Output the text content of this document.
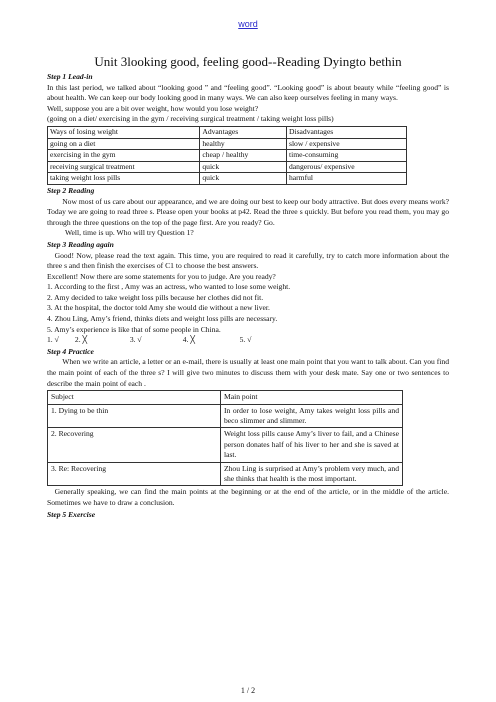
word
Unit 3looking good, feeling good--Reading Dyingto bethin

Step 1 Lead-in

In this last period, we talked about “looking good ” and “feeling good”. “Looking good” is about beauty while “feeling good” is about health. We can keep our body looking good in many ways. We can also keep ourselves feeling in many ways.

Well, suppose you are a bit over weight, how would you lose weight?

(going on a diet/ exercising in the gym / receiving surgical treatment / taking weight loss pills)

Ways of losing weight	Advantages	Disadvantages
going on a diet	healthy	slow / expensive
exercising in the gym	cheap / healthy	time-consuming
receiving surgical treatment	quick	dangerous/ expensive
taking weight loss pills	quick	harmful

Step 2 Reading

Now most of us care about our appearance, and we are doing our best to keep our body attractive. But does every means work? Today we are going to read three s. Please open your books at p42. Read the three s quickly. But before you read them, you may go through the three questions on the top of the page first. Are you ready? Go.

Well, time is up. Who will try Question 1?

Step 3 Reading again

Good! Now, please read the text again. This time, you are required to read it carefully, try to catch more information about the three s and then finish the exercises of C1 to choose the best answers.

Excellent! Now there are some statements for you to judge. Are you ready?

1. According to the first , Amy was an actress, who wanted to lose some weight.

2. Amy decided to take weight loss pills because her clothes did not fit.

3. At the hospital, the doctor told Amy she would die without a new liver.

4. Zhou Ling, Amy’s friend, thinks diets and weight loss pills are necessary.

5. Amy’s experience is like that of some people in China.

1. √ 2. ╳	3. √	4. ╳	5. √

Step 4 Practice

When we write an article, a letter or an e-mail, there is usually at least one main point that you want to talk about. Can you find the main point of each of the three s? I will give two minutes to discuss them with your desk mate. Say one or two sentences to describe the main point of each .

Subject	Main point
1. Dying to be thin	In order to lose weight, Amy takes weight loss pills and beco slimmer and slimmer.
2. Recovering	Weight loss pills cause Amy’s liver to fail, and a Chinese person donates half of his liver to her and she is saved at last.
3. Re: Recovering	Zhou Ling is surprised at Amy’s problem very much, and she thinks that health is the most important.

Generally speaking, we can find the main points at the beginning or at the end of the article, or in the middle of the article. Sometimes we have to draw a conclusion.

Step 5 Exercise

1 / 2
